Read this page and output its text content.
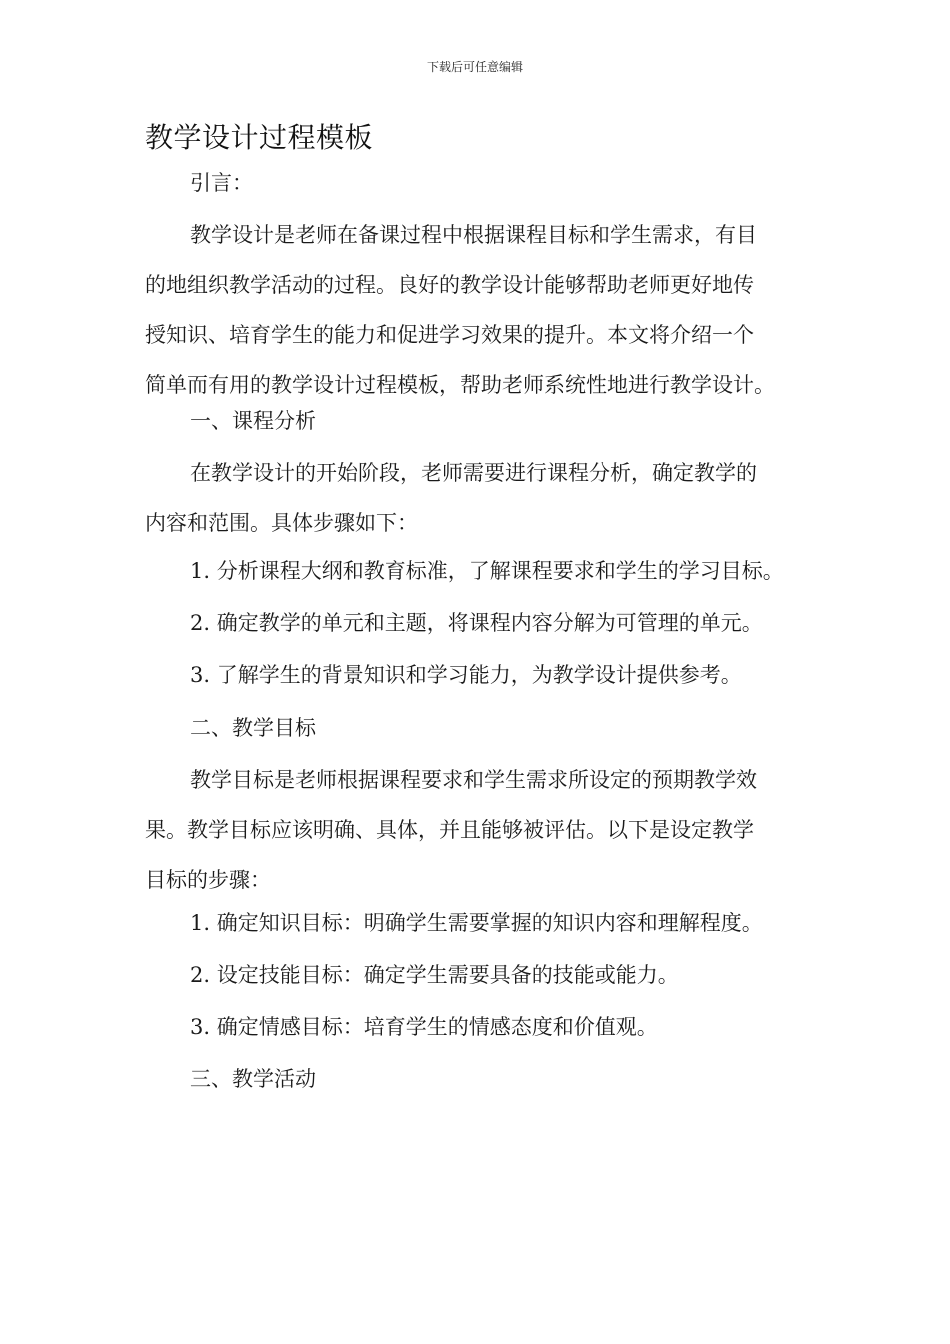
下载后可任意编辑
教学设计过程模板
引言：
教学设计是老师在备课过程中根据课程目标和学生需求，有目
的地组织教学活动的过程。良好的教学设计能够帮助老师更好地传
授知识、培育学生的能力和促进学习效果的提升。本文将介绍一个
简单而有用的教学设计过程模板，帮助老师系统性地进行教学设计。
一、课程分析
在教学设计的开始阶段，老师需要进行课程分析，确定教学的
内容和范围。具体步骤如下：
1. 分析课程大纲和教育标准，了解课程要求和学生的学习目标。
2. 确定教学的单元和主题，将课程内容分解为可管理的单元。
3. 了解学生的背景知识和学习能力，为教学设计提供参考。
二、教学目标
教学目标是老师根据课程要求和学生需求所设定的预期教学效
果。教学目标应该明确、具体，并且能够被评估。以下是设定教学
目标的步骤：
1. 确定知识目标：明确学生需要掌握的知识内容和理解程度。
2. 设定技能目标：确定学生需要具备的技能或能力。
3. 确定情感目标：培育学生的情感态度和价值观。
三、教学活动
